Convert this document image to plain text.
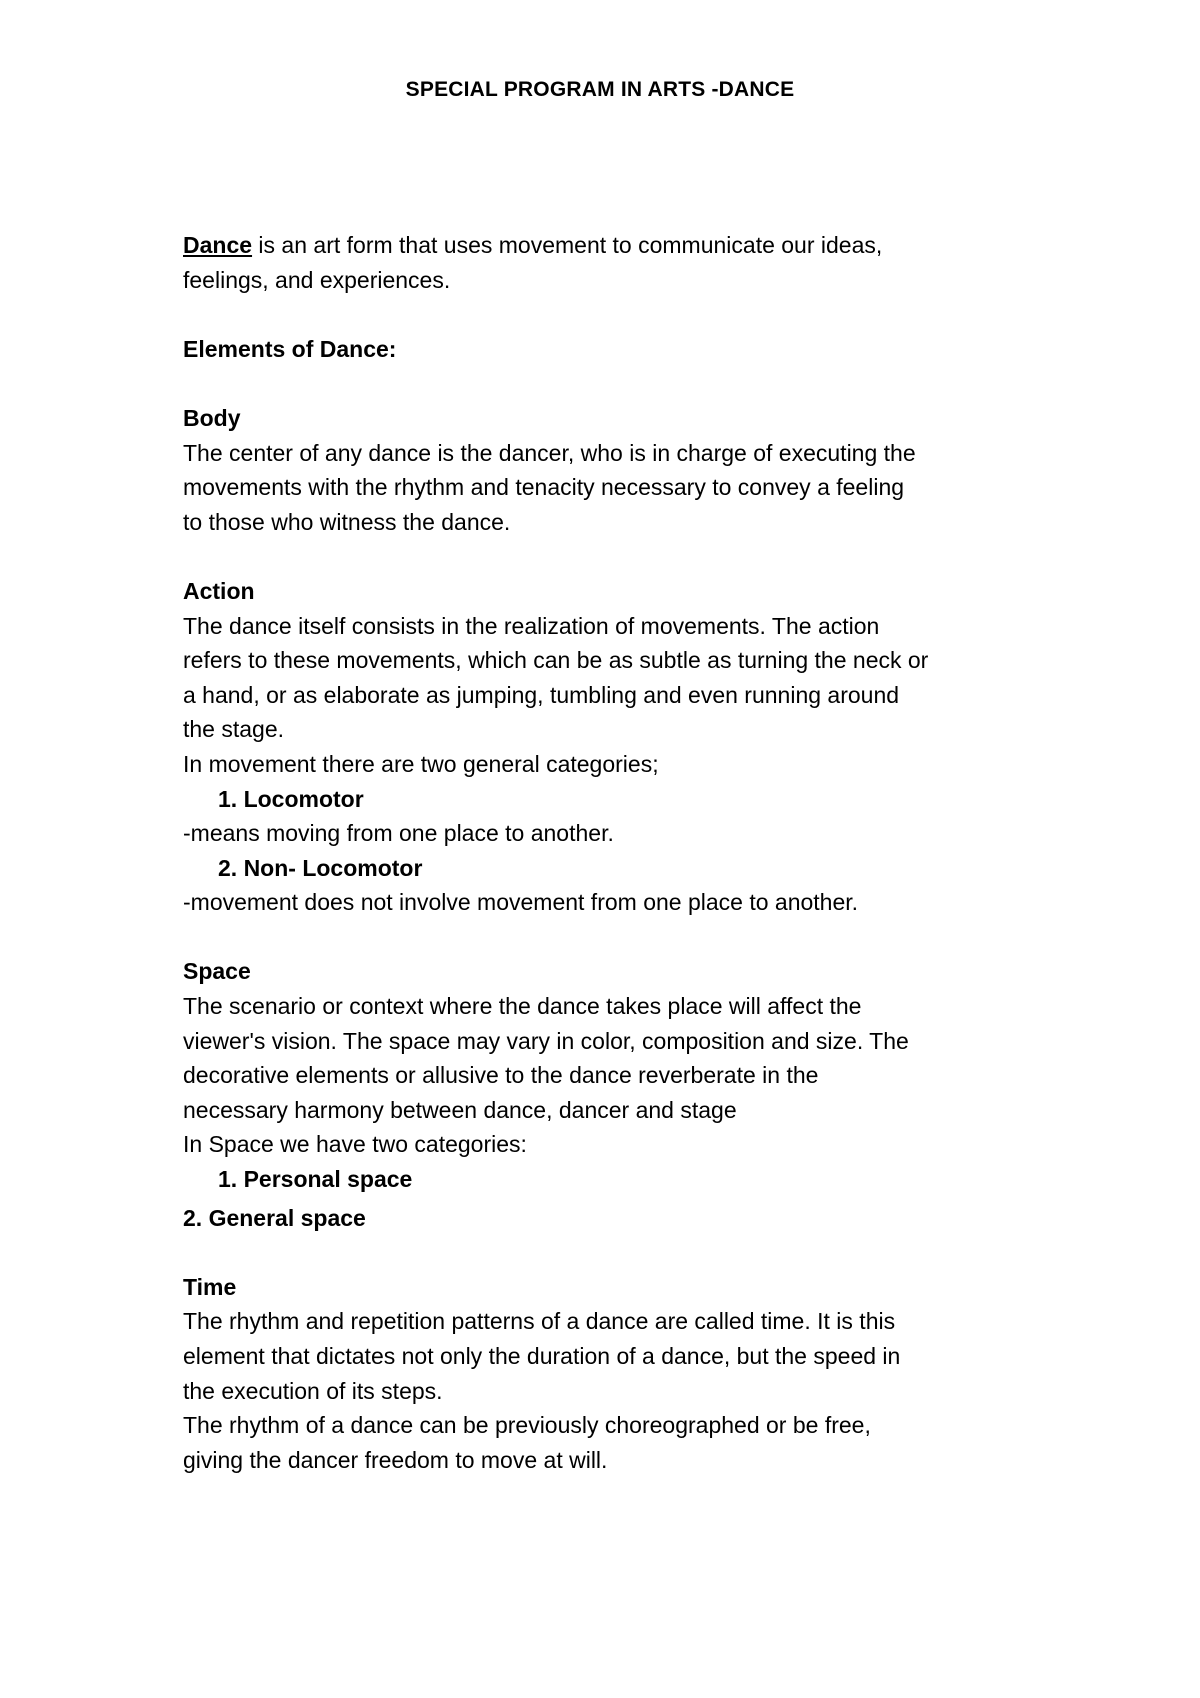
SPECIAL PROGRAM IN ARTS -DANCE
Dance is an art form that uses movement to communicate our ideas,
feelings, and experiences.
Elements of Dance:
Body
The center of any dance is the dancer, who is in charge of executing the
movements with the rhythm and tenacity necessary to convey a feeling
to those who witness the dance.
Action
The dance itself consists in the realization of movements. The action
refers to these movements, which can be as subtle as turning the neck or
a hand, or as elaborate as jumping, tumbling and even running around
the stage.
In movement there are two general categories;
1. Locomotor
-means moving from one place to another.
2. Non- Locomotor
-movement does not involve movement from one place to another.
Space
The scenario or context where the dance takes place will affect the
viewer's vision. The space may vary in color, composition and size. The
decorative elements or allusive to the dance reverberate in the
necessary harmony between dance, dancer and stage
In Space we have two categories:
1. Personal space
2. General space
Time
The rhythm and repetition patterns of a dance are called time. It is this
element that dictates not only the duration of a dance, but the speed in
the execution of its steps.
The rhythm of a dance can be previously choreographed or be free,
giving the dancer freedom to move at will.
